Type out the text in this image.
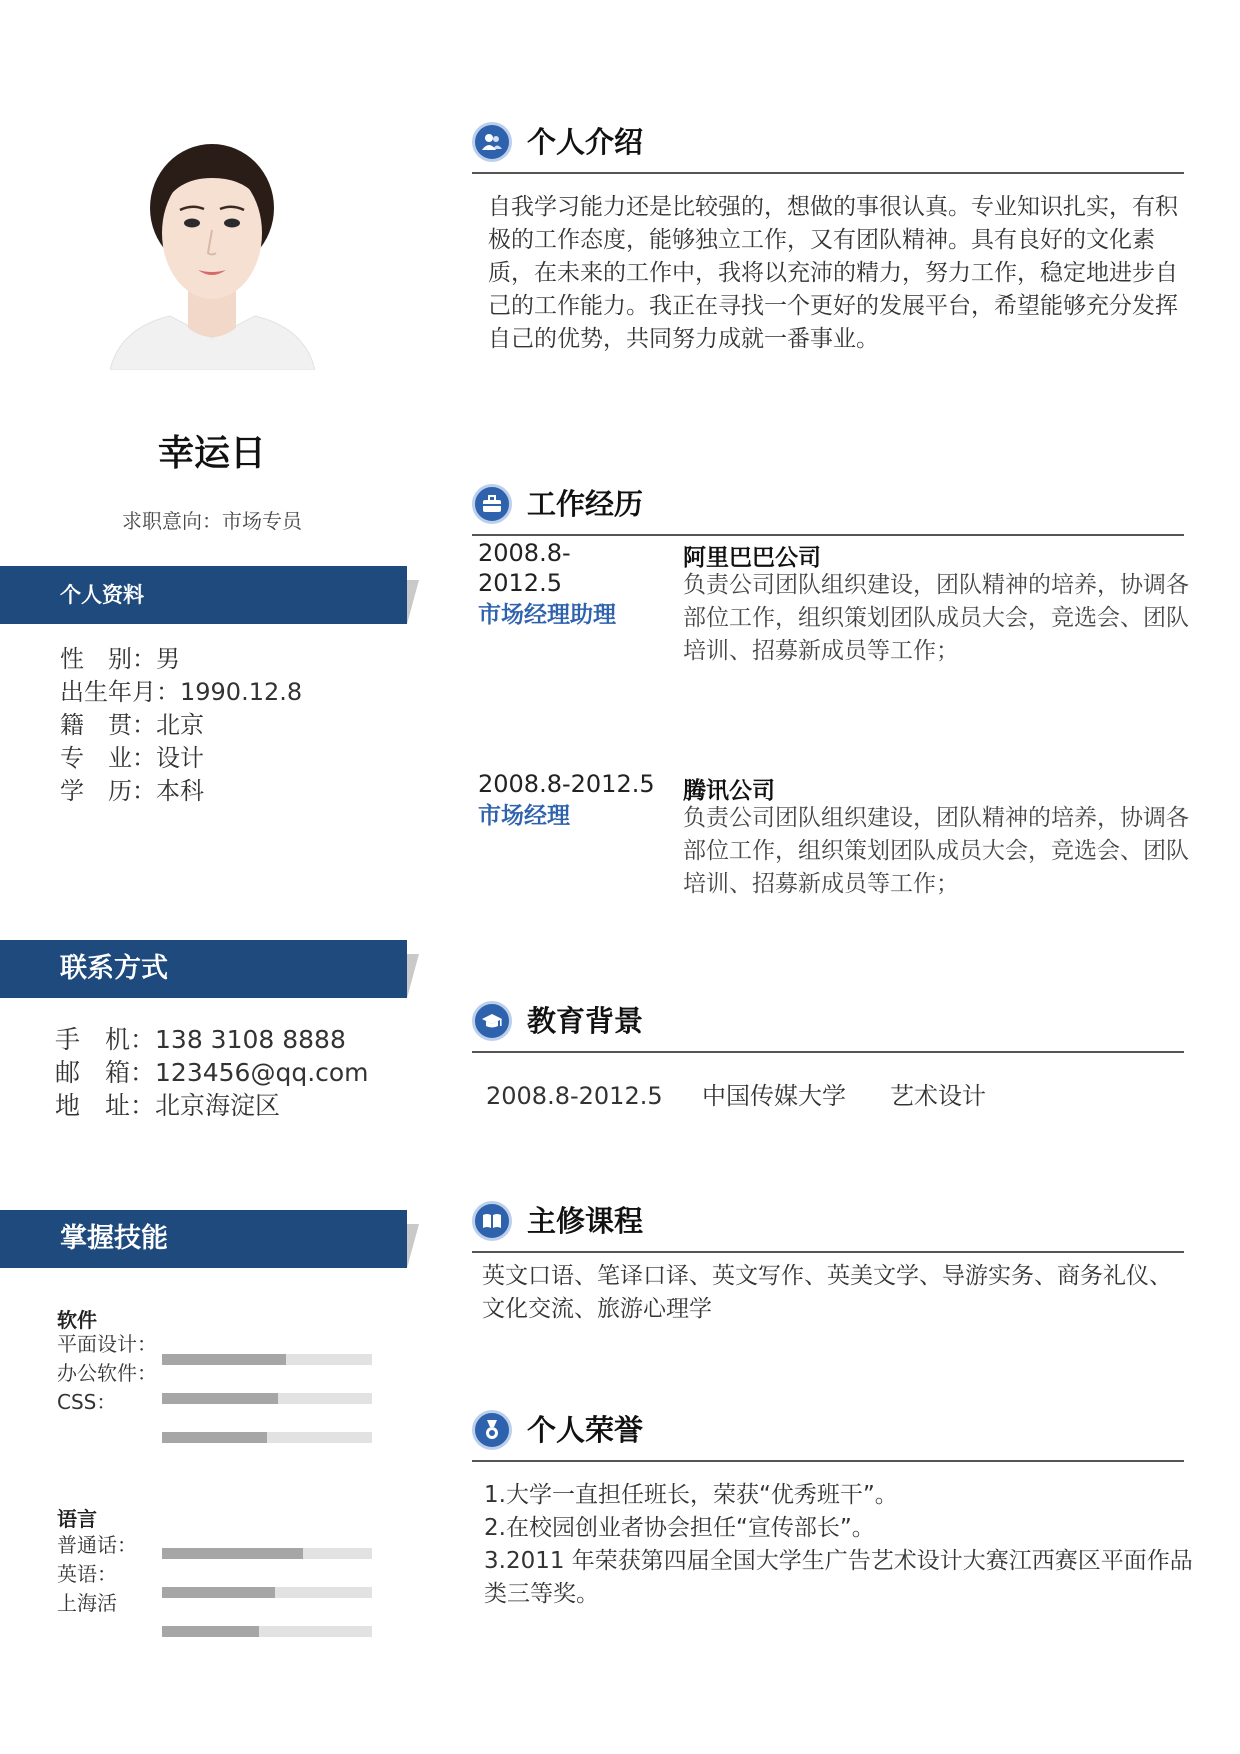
幸运日
求职意向：市场专员
个人资料
性　别：男
出生年月：1990.12.8
籍　贯：北京
专　业：设计
学　历：本科
联系方式
手　机：138 3108 8888
邮　箱：123456@qq.com
地　址：北京海淀区
掌握技能
软件
平面设计：
办公软件：
CSS：
语言
普通话：
英语：
上海活
个人介绍
自我学习能力还是比较强的，想做的事很认真。专业知识扎实，有积极的工作态度，能够独立工作，又有团队精神。具有良好的文化素质，在未来的工作中，我将以充沛的精力，努力工作，稳定地进步自己的工作能力。我正在寻找一个更好的发展平台，希望能够充分发挥自己的优势，共同努力成就一番事业。
工作经历
2008.8-
2012.5
市场经理助理
阿里巴巴公司
负责公司团队组织建设，团队精神的培养，协调各部位工作，组织策划团队成员大会，竞选会、团队培训、招募新成员等工作；
2008.8-2012.5
市场经理
腾讯公司
负责公司团队组织建设，团队精神的培养，协调各部位工作，组织策划团队成员大会，竞选会、团队培训、招募新成员等工作；
教育背景
2008.8-2012.5 中国传媒大学 艺术设计
主修课程
英文口语、笔译口译、英文写作、英美文学、导游实务、商务礼仪、文化交流、旅游心理学
个人荣誉
1.大学一直担任班长，荣获“优秀班干”。
2.在校园创业者协会担任“宣传部长”。
3.2011 年荣获第四届全国大学生广告艺术设计大赛江西赛区平面作品类三等奖。
